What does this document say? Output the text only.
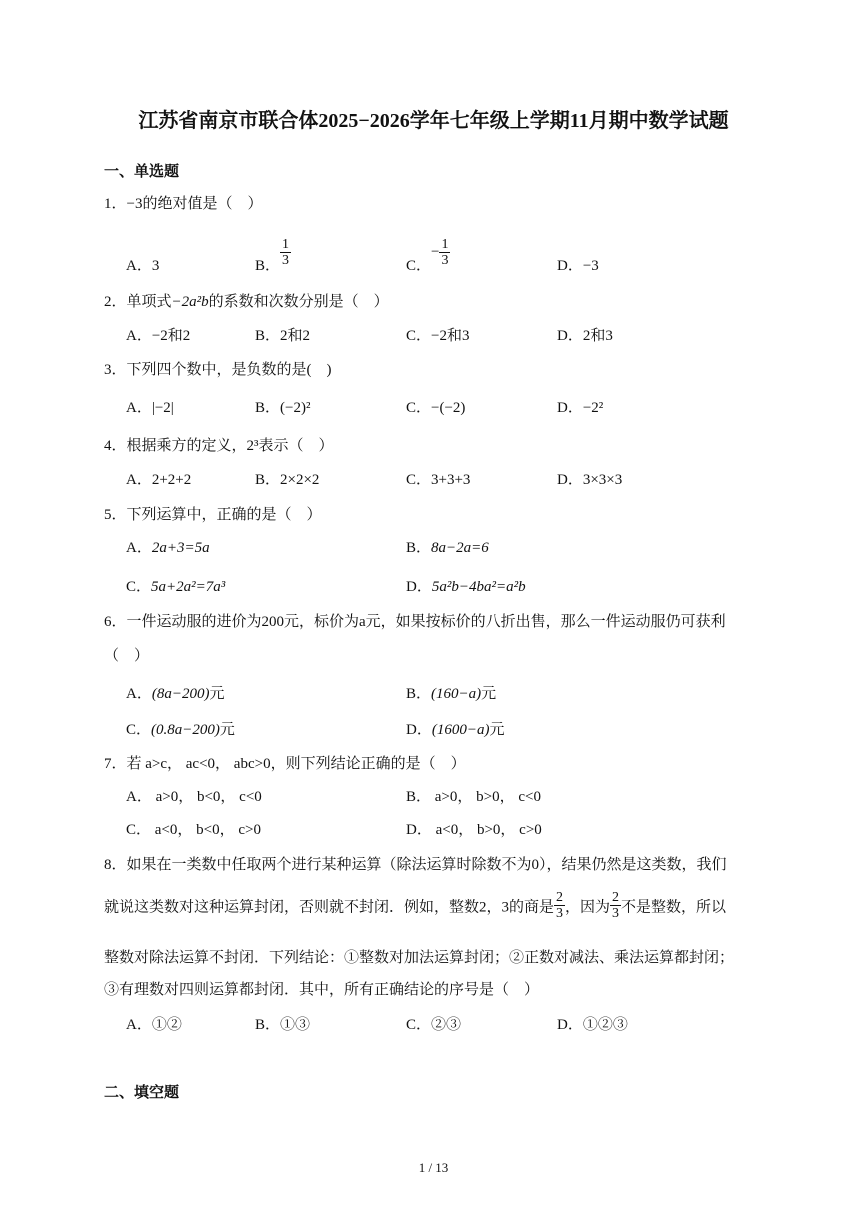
江苏省南京市联合体2025−2026学年七年级上学期11月期中数学试题
一、单选题
1．−3的绝对值是（　）
A．3	B． $\frac{1}{3}$	C．− $\frac{1}{3}$	D．−3
2．单项式−2a²b的系数和次数分别是（　）
A．−2和2	B．2和2	C．−2和3	D．2和3
3．下列四个数中，是负数的是(　)
A．|−2|	B．(−2)²	C．−(−2)	D．−2²
4．根据乘方的定义，2³表示（　）
A．2+2+2	B．2×2×2	C．3+3+3	D．3×3×3
5．下列运算中，正确的是（　）
A．2a+3=5a	B．8a−2a=6
C．5a+2a²=7a³	D．5a²b−4ba²=a²b
6．一件运动服的进价为200元，标价为a元，如果按标价的八折出售，那么一件运动服仍可获利
（　）
A．(8a−200)元	B．(160−a)元
C．(0.8a−200)元	D．(1600−a)元
7．若 a>c， ac<0， abc>0，则下列结论正确的是（　）
A． a>0， b<0， c<0	B． a>0， b>0， c<0
C． a<0， b<0， c>0	D． a<0， b>0， c>0
8．如果在一类数中任取两个进行某种运算（除法运算时除数不为0），结果仍然是这类数，我们
就说这类数对这种运算封闭，否则就不封闭．例如，整数2，3的商是 $\frac{2}{3}$ ，因为 $\frac{2}{3}$ 不是整数，所以
整数对除法运算不封闭．下列结论：①整数对加法运算封闭；②正数对减法、乘法运算都封闭；
③有理数对四则运算都封闭．其中，所有正确结论的序号是（　）
A．①②	B．①③	C．②③	D．①②③
二、填空题
1 / 13
